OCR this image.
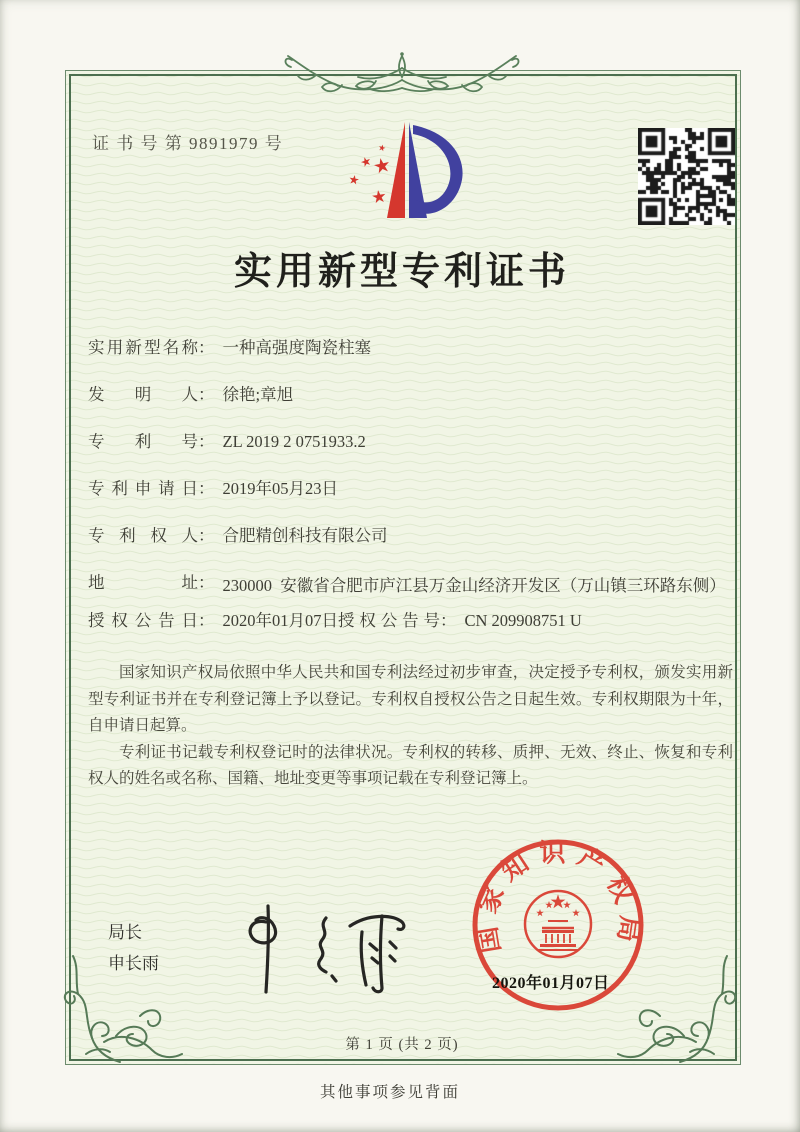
证 书 号 第 9891979 号
实用新型专利证书
实用新型名称 ： 一种高强度陶瓷柱塞
发明人 ： 徐艳;章旭
专利号 ： ZL 2019 2 0751933.2
专利申请日 ： 2019年05月23日
专利权人 ： 合肥精创科技有限公司
地址 ： 230000  安徽省合肥市庐江县万金山经济开发区（万山镇三环路东侧）
授权公告日 ： 2020年01月07日 授权公告号 ： CN 209908751 U

国家知识产权局依照中华人民共和国专利法经过初步审查，决定授予专利权，颁发实用新型专利证书并在专利登记簿上予以登记。专利权自授权公告之日起生效。专利权期限为十年，自申请日起算。

专利证书记载专利权登记时的法律状况。专利权的转移、质押、无效、终止、恢复和专利权人的姓名或名称、国籍、地址变更等事项记载在专利登记簿上。

局长
申长雨
国家知识产权局
2020年01月07日
第 1 页 (共 2 页)
其他事项参见背面
